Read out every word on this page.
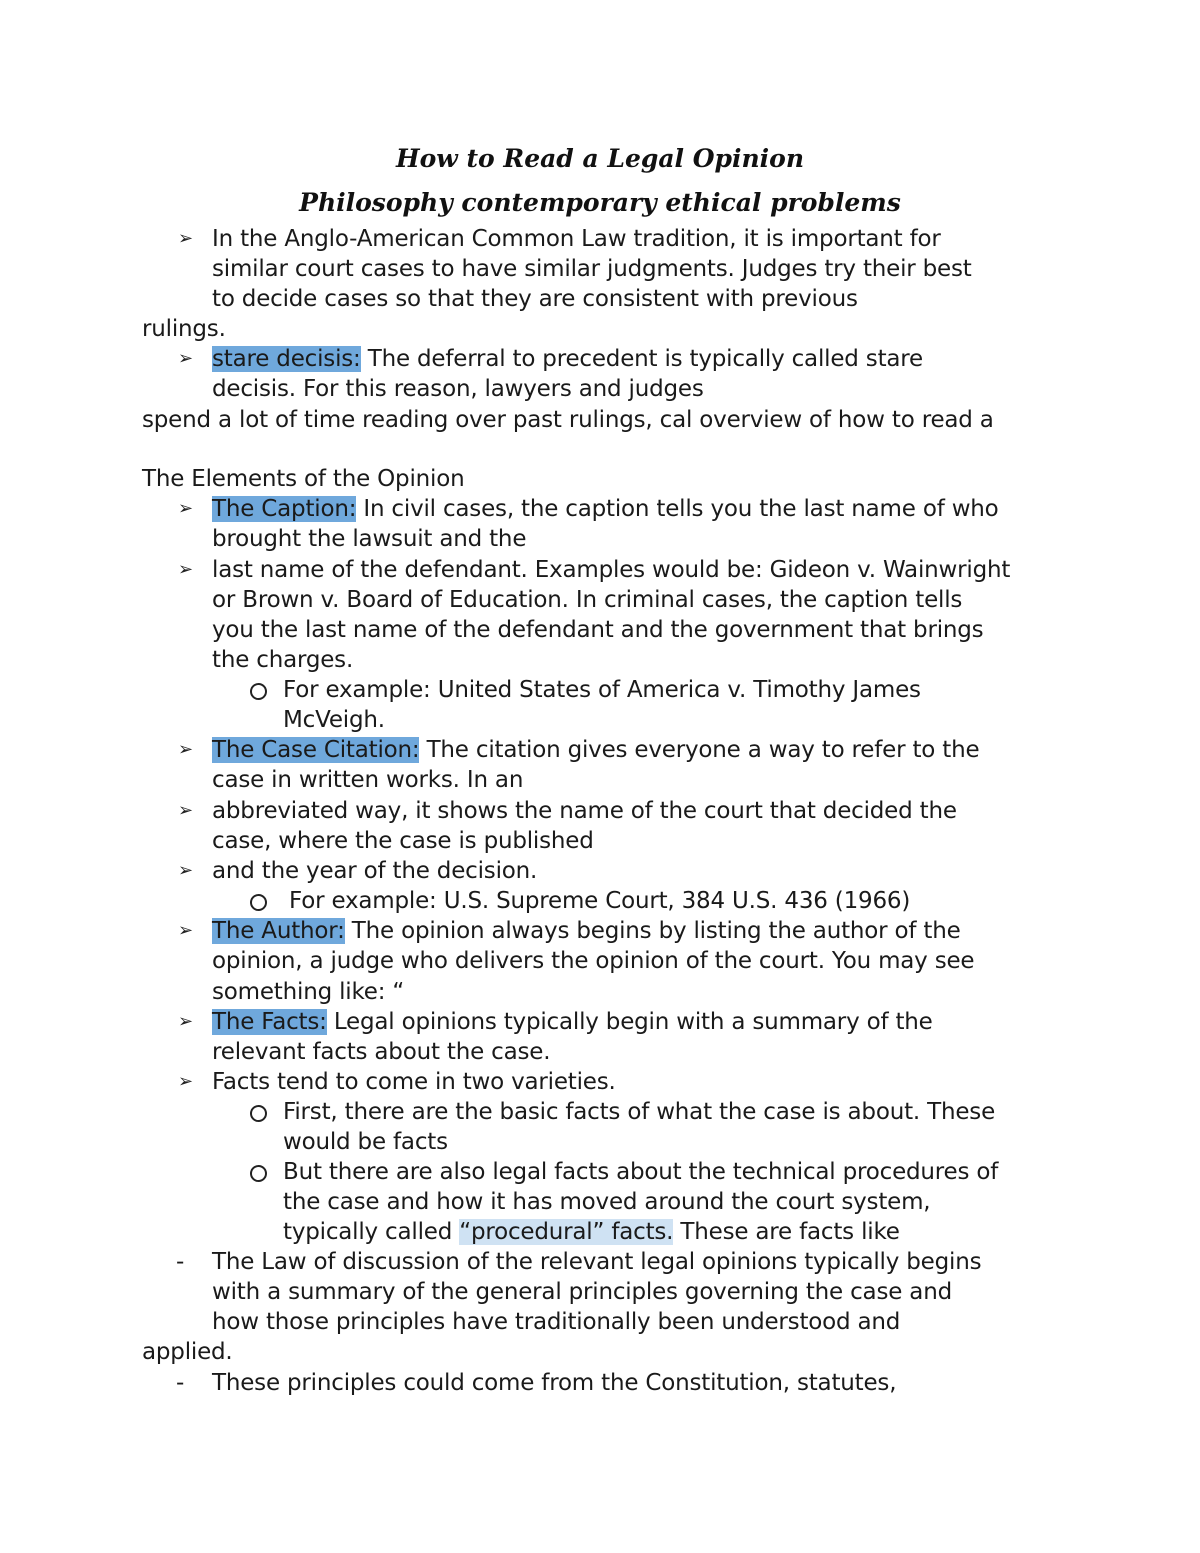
How to Read a Legal Opinion
Philosophy contemporary ethical problems
➢ In the Anglo-American Common Law tradition, it is important for
similar court cases to have similar judgments. Judges try their best
to decide cases so that they are consistent with previous
rulings.
➢ stare decisis: The deferral to precedent is typically called stare
decisis. For this reason, lawyers and judges
spend a lot of time reading over past rulings, cal overview of how to read a
The Elements of the Opinion
➢ The Caption: In civil cases, the caption tells you the last name of who
brought the lawsuit and the
➢ last name of the defendant. Examples would be: Gideon v. Wainwright
or Brown v. Board of Education. In criminal cases, the caption tells
you the last name of the defendant and the government that brings
the charges.
For example: United States of America v. Timothy James
McVeigh.
➢ The Case Citation: The citation gives everyone a way to refer to the
case in written works. In an
➢ abbreviated way, it shows the name of the court that decided the
case, where the case is published
➢ and the year of the decision.
For example: U.S. Supreme Court, 384 U.S. 436 (1966)
➢ The Author: The opinion always begins by listing the author of the
opinion, a judge who delivers the opinion of the court. You may see
something like: “
➢ The Facts: Legal opinions typically begin with a summary of the
relevant facts about the case.
➢ Facts tend to come in two varieties.
First, there are the basic facts of what the case is about. These
would be facts
But there are also legal facts about the technical procedures of
the case and how it has moved around the court system,
typically called “procedural” facts. These are facts like
- The Law of discussion of the relevant legal opinions typically begins
with a summary of the general principles governing the case and
how those principles have traditionally been understood and
applied.
- These principles could come from the Constitution, statutes,
